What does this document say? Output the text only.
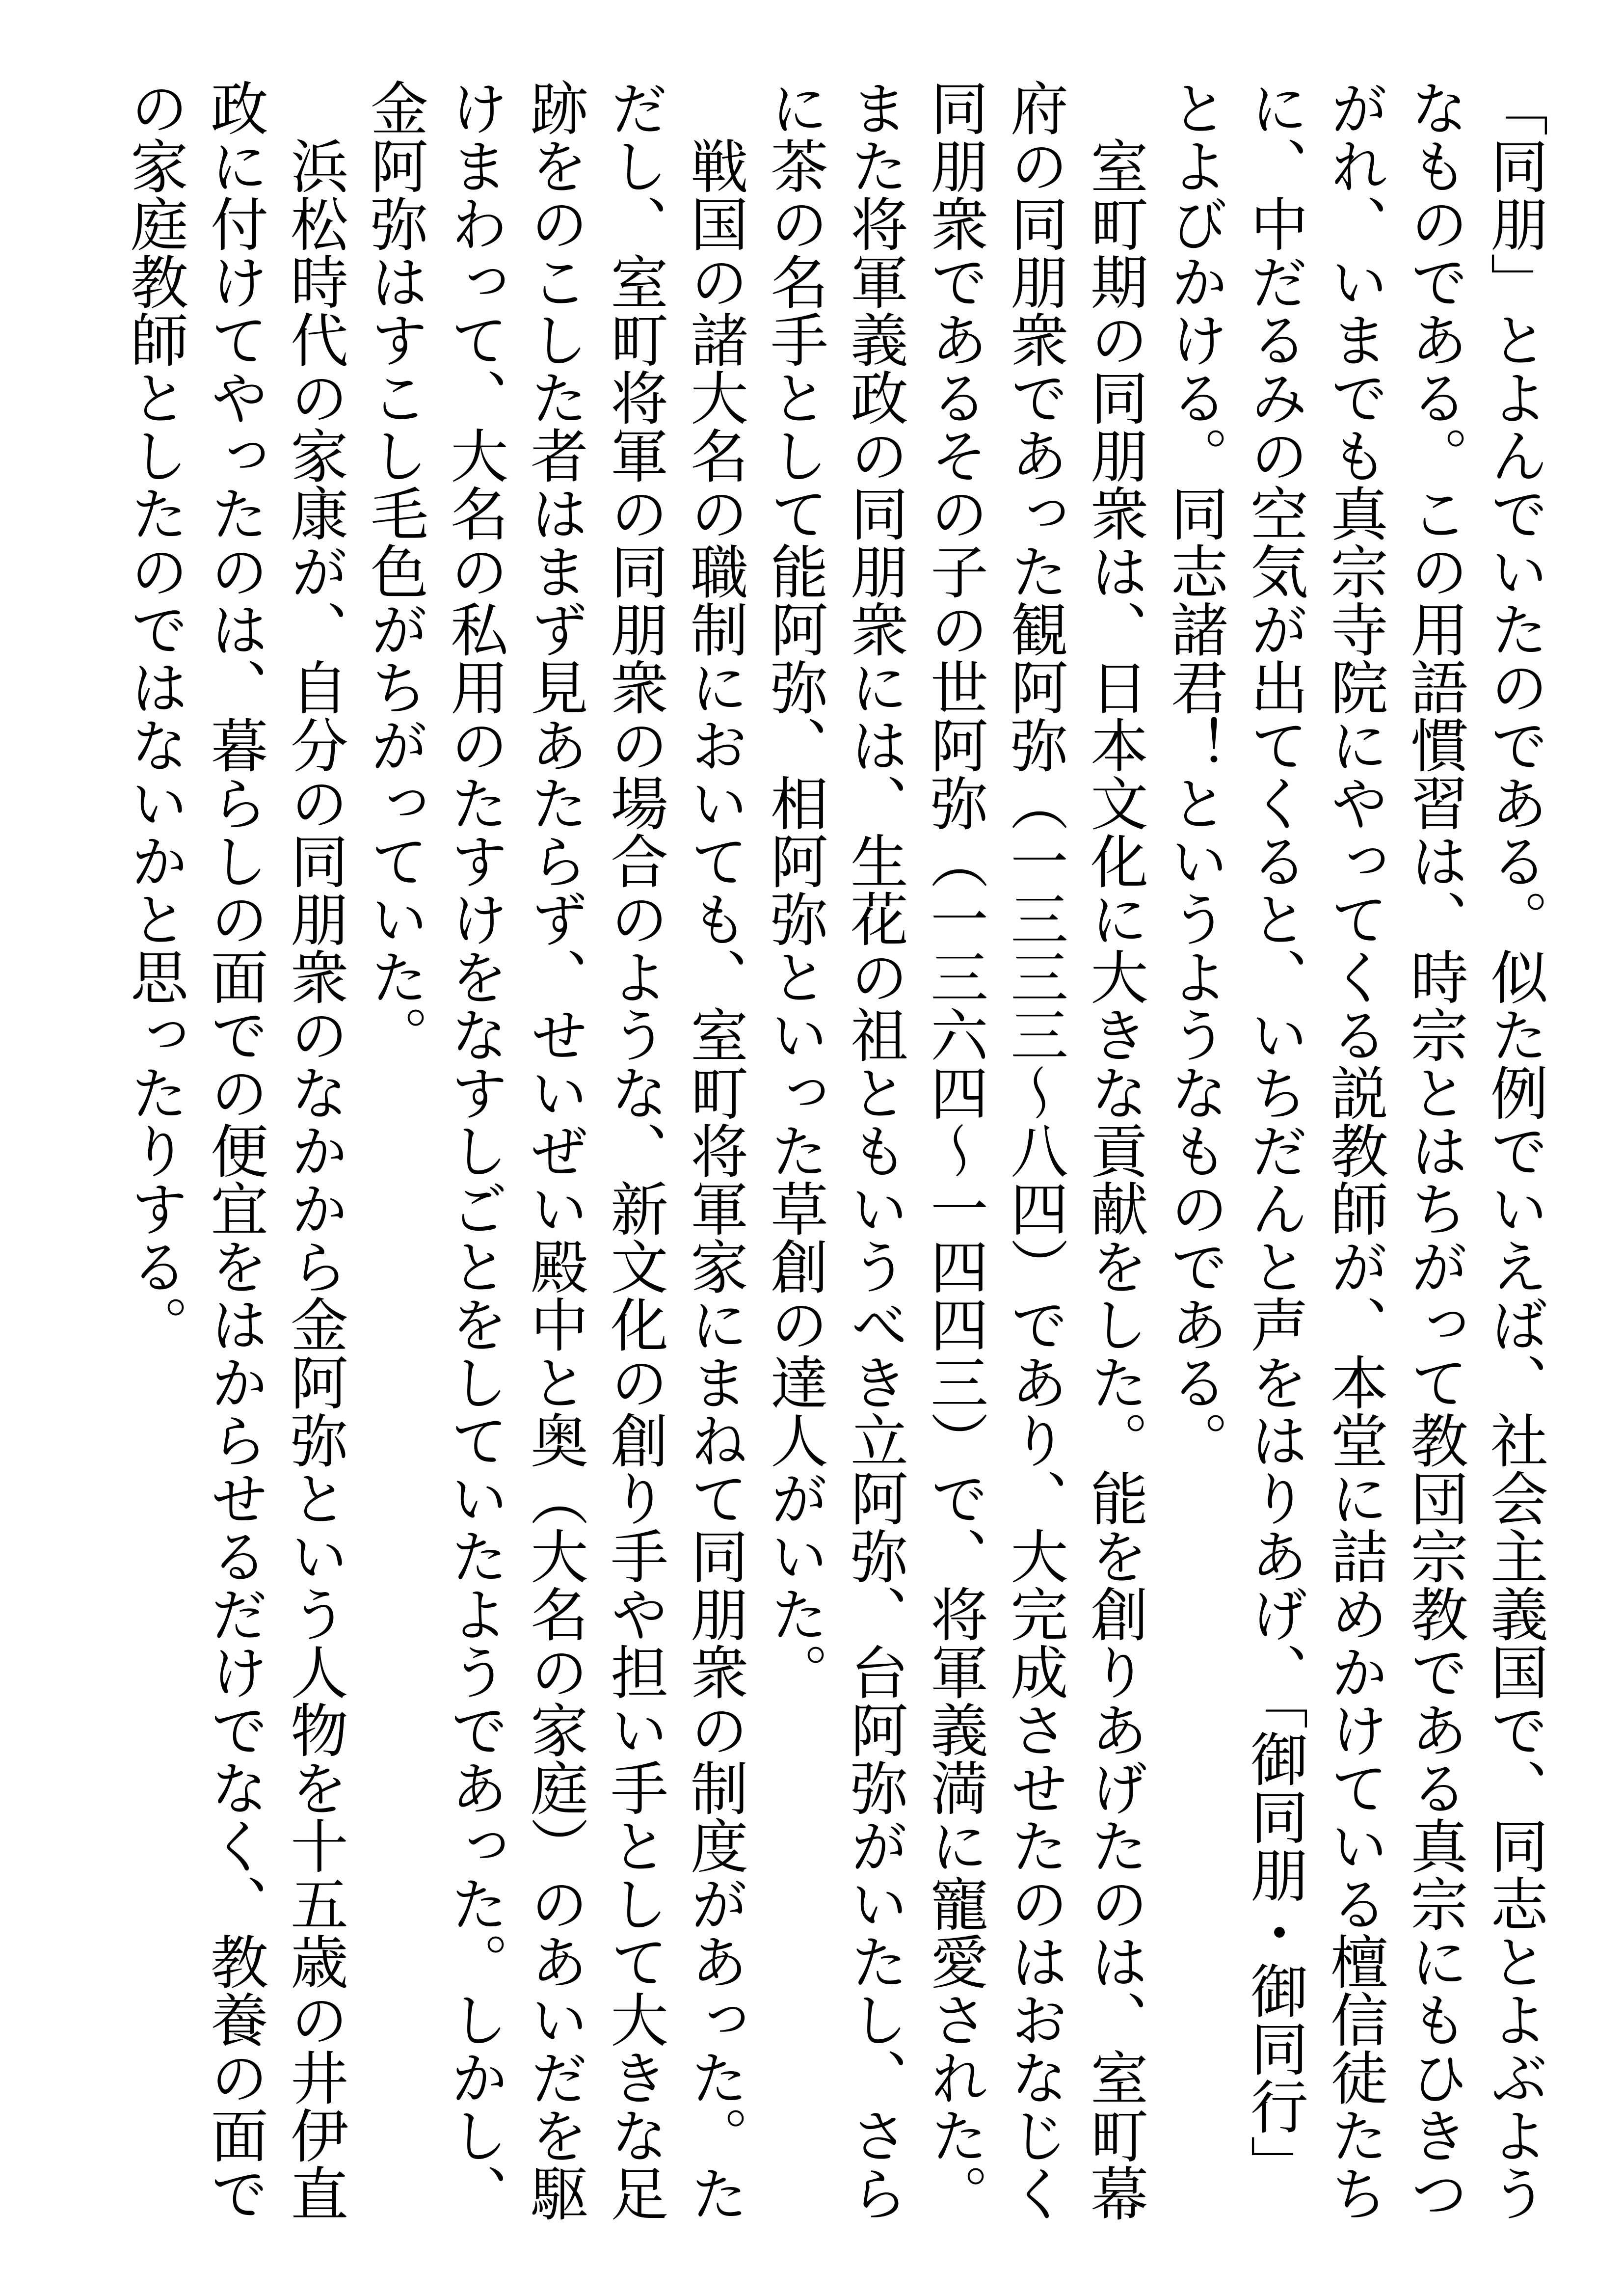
「同朋」とよんでいたのである。似た例でいえば、社会主義国で、同志とよぶようなものである。この用語慣習は、時宗とはちがって教団宗教である真宗にもひきつがれ、いまでも真宗寺院にやってくる説教師が、本堂に詰めかけている檀信徒たちに、中だるみの空気が出てくると、いちだんと声をはりあげ、「御同朋・御同行」とよびかける。同志諸君！というようなものである。

室町期の同朋衆は、日本文化に大きな貢献をした。能を創りあげたのは、室町幕府の同朋衆であった観阿弥（一三三三〜八四）であり、大完成させたのはおなじく同朋衆であるその子の世阿弥（一三六四〜一四四三）で、将軍義満に寵愛された。また将軍義政の同朋衆には、生花の祖ともいうべき立阿弥、台阿弥がいたし、さらに茶の名手として能阿弥、相阿弥といった草創の達人がいた。

戦国の諸大名の職制においても、室町将軍家にまねて同朋衆の制度があった。ただし、室町将軍の同朋衆の場合のような、新文化の創り手や担い手として大きな足跡をのこした者はまず見あたらず、せいぜい殿中と奥（大名の家庭）のあいだを駆けまわって、大名の私用のたすけをなすしごとをしていたようであった。しかし、金阿弥はすこし毛色がちがっていた。

浜松時代の家康が、自分の同朋衆のなかから金阿弥という人物を十五歳の井伊直政に付けてやったのは、暮らしの面での便宜をはからせるだけでなく、教養の面での家庭教師としたのではないかと思ったりする。
